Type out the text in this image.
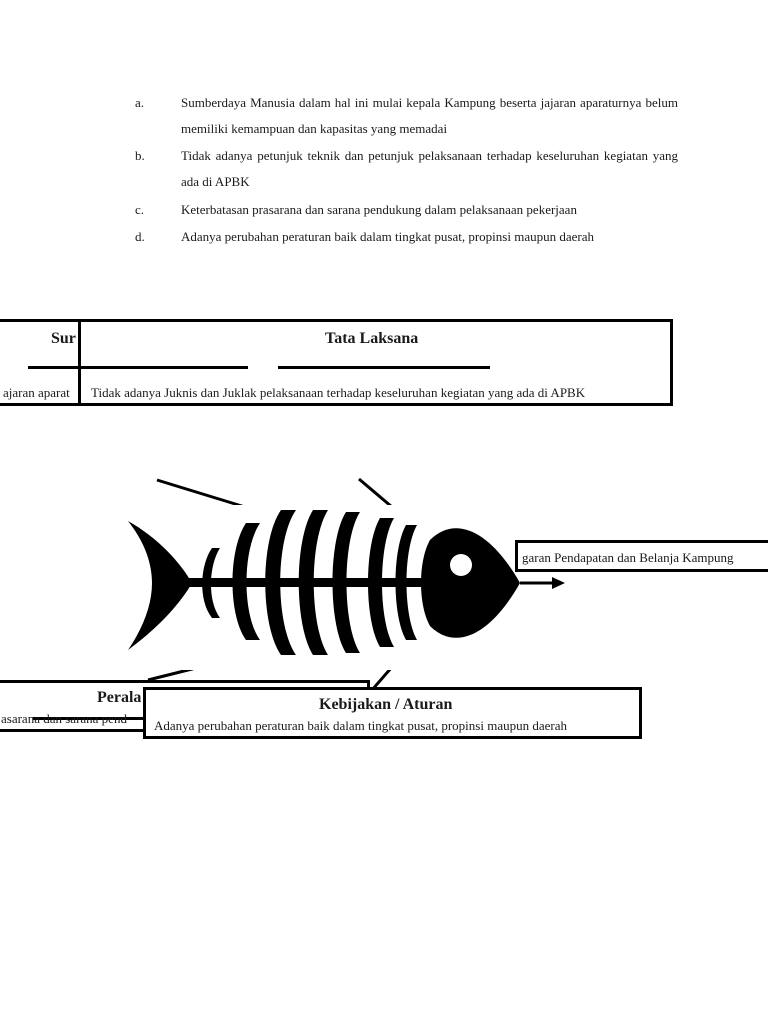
a.	Sumberdaya Manusia dalam hal ini mulai kepala Kampung beserta jajaran aparaturnya belum memiliki kemampuan dan kapasitas yang memadai
b.	Tidak adanya petunjuk teknik dan petunjuk pelaksanaan terhadap keseluruhan kegiatan yang ada di APBK
c.	Keterbatasan prasarana dan sarana pendukung dalam pelaksanaan pekerjaan
d.	Adanya perubahan peraturan baik dalam tingkat pusat, propinsi maupun daerah
Sur
ajaran aparat
Tata Laksana
Tidak adanya Juknis dan Juklak pelaksanaan terhadap keseluruhan kegiatan yang ada di APBK
garan Pendapatan dan Belanja Kampung
Perala
asarana dan sarana pend
Kebijakan / Aturan
Adanya perubahan peraturan baik dalam tingkat pusat, propinsi maupun daerah
